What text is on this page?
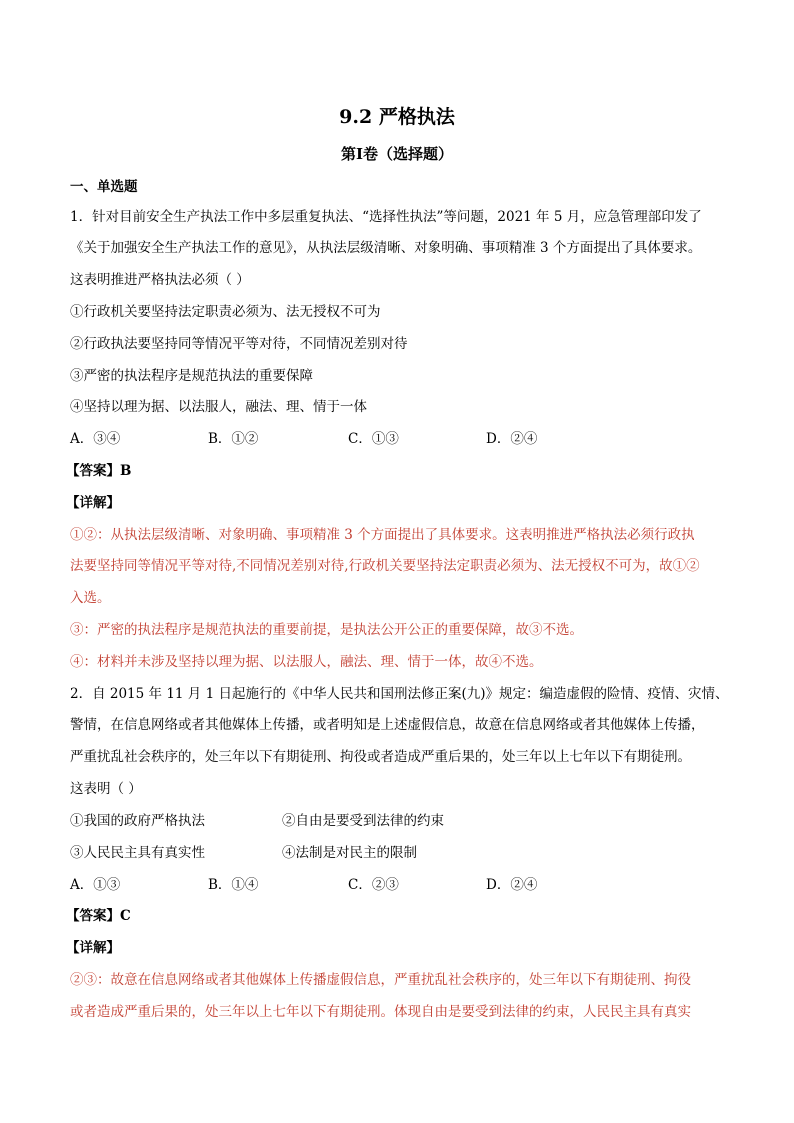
9.2 严格执法
第I卷（选择题）
一、单选题
1．针对目前安全生产执法工作中多层重复执法、“选择性执法”等问题，2021 年 5 月，应急管理部印发了
《关于加强安全生产执法工作的意见》，从执法层级清晰、对象明确、事项精准 3 个方面提出了具体要求。
这表明推进严格执法必须（ ）
①行政机关要坚持法定职责必须为、法无授权不可为
②行政执法要坚持同等情况平等对待，不同情况差别对待
③严密的执法程序是规范执法的重要保障
④坚持以理为据、以法服人，融法、理、情于一体
A．③④	B．①②	C．①③	D．②④
【答案】B
【详解】
①②：从执法层级清晰、对象明确、事项精准 3 个方面提出了具体要求。这表明推进严格执法必须行政执
法要坚持同等情况平等对待,不同情况差别对待,行政机关要坚持法定职责必须为、法无授权不可为，故①②
入选。
③：严密的执法程序是规范执法的重要前提，是执法公开公正的重要保障，故③不选。
④：材料并未涉及坚持以理为据、以法服人，融法、理、情于一体，故④不选。
2．自 2015 年 11 月 1 日起施行的《中华人民共和国刑法修正案(九)》规定：编造虚假的险情、疫情、灾情、
警情，在信息网络或者其他媒体上传播，或者明知是上述虚假信息，故意在信息网络或者其他媒体上传播，
严重扰乱社会秩序的，处三年以下有期徒刑、拘役或者造成严重后果的，处三年以上七年以下有期徒刑。
这表明（ ）
①我国的政府严格执法	②自由是要受到法律的约束
③人民民主具有真实性	④法制是对民主的限制
A．①③	B．①④	C．②③	D．②④
【答案】C
【详解】
②③：故意在信息网络或者其他媒体上传播虚假信息，严重扰乱社会秩序的，处三年以下有期徒刑、拘役
或者造成严重后果的，处三年以上七年以下有期徒刑。体现自由是要受到法律的约束，人民民主具有真实
